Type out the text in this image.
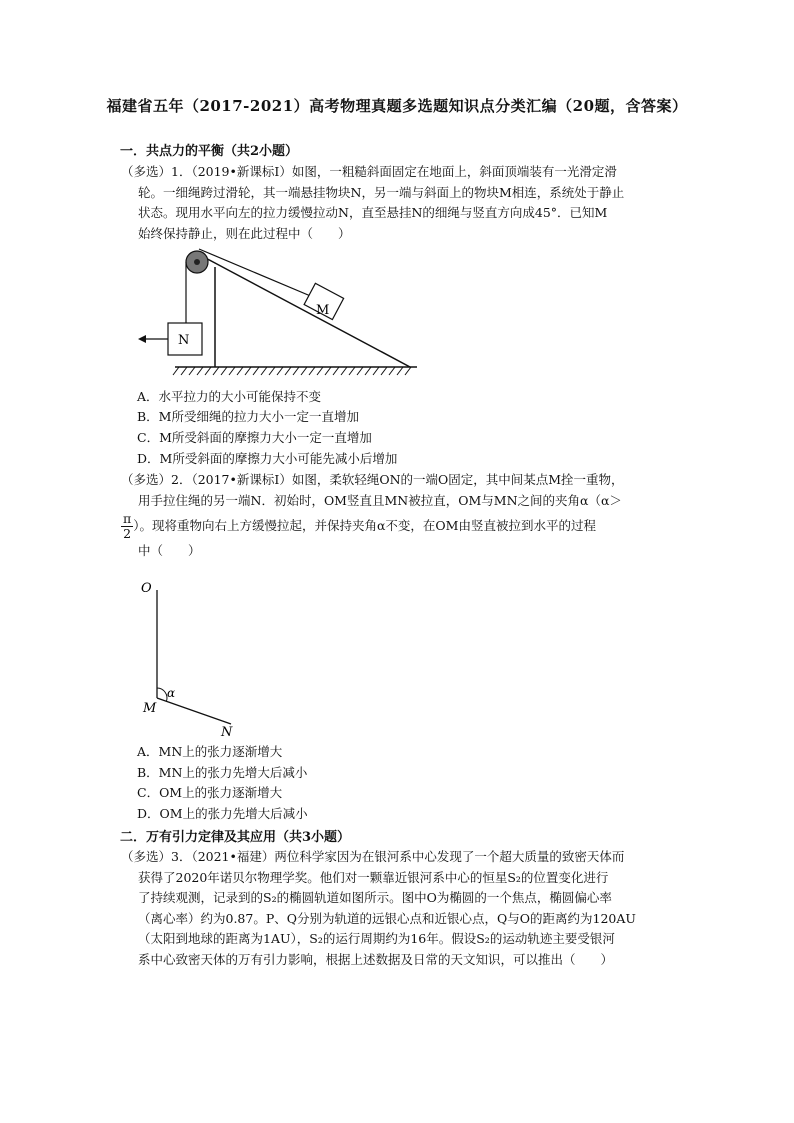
福建省五年（2017-2021）高考物理真题多选题知识点分类汇编（20题，含答案）
一．共点力的平衡（共2小题）
（多选）1．（2019•新课标Ⅰ）如图，一粗糙斜面固定在地面上，斜面顶端装有一光滑定滑
轮。一细绳跨过滑轮，其一端悬挂物块N，另一端与斜面上的物块M相连，系统处于静止
状态。现用水平向左的拉力缓慢拉动N，直至悬挂N的细绳与竖直方向成45°．已知M
始终保持静止，则在此过程中（　　）
M
N
A．水平拉力的大小可能保持不变
B．M所受细绳的拉力大小一定一直增加
C．M所受斜面的摩擦力大小一定一直增加
D．M所受斜面的摩擦力大小可能先减小后增加
（多选）2．（2017•新课标Ⅰ）如图，柔软轻绳ON的一端O固定，其中间某点M拴一重物，
用手拉住绳的另一端N．初始时，OM竖直且MN被拉直，OM与MN之间的夹角α（α＞
$\frac{\pi}{2}$ ）。现将重物向右上方缓慢拉起，并保持夹角α不变，在OM由竖直被拉到水平的过程
中（　　）
O
α
M
N
A．MN上的张力逐渐增大
B．MN上的张力先增大后减小
C．OM上的张力逐渐增大
D．OM上的张力先增大后减小
二．万有引力定律及其应用（共3小题）
（多选）3．（2021•福建）两位科学家因为在银河系中心发现了一个超大质量的致密天体而
获得了2020年诺贝尔物理学奖。他们对一颗靠近银河系中心的恒星S₂的位置变化进行
了持续观测，记录到的S₂的椭圆轨道如图所示。图中O为椭圆的一个焦点，椭圆偏心率
（离心率）约为0.87。P、Q分别为轨道的远银心点和近银心点，Q与O的距离约为120AU
（太阳到地球的距离为1AU），S₂的运行周期约为16年。假设S₂的运动轨迹主要受银河
系中心致密天体的万有引力影响，根据上述数据及日常的天文知识，可以推出（　　）
